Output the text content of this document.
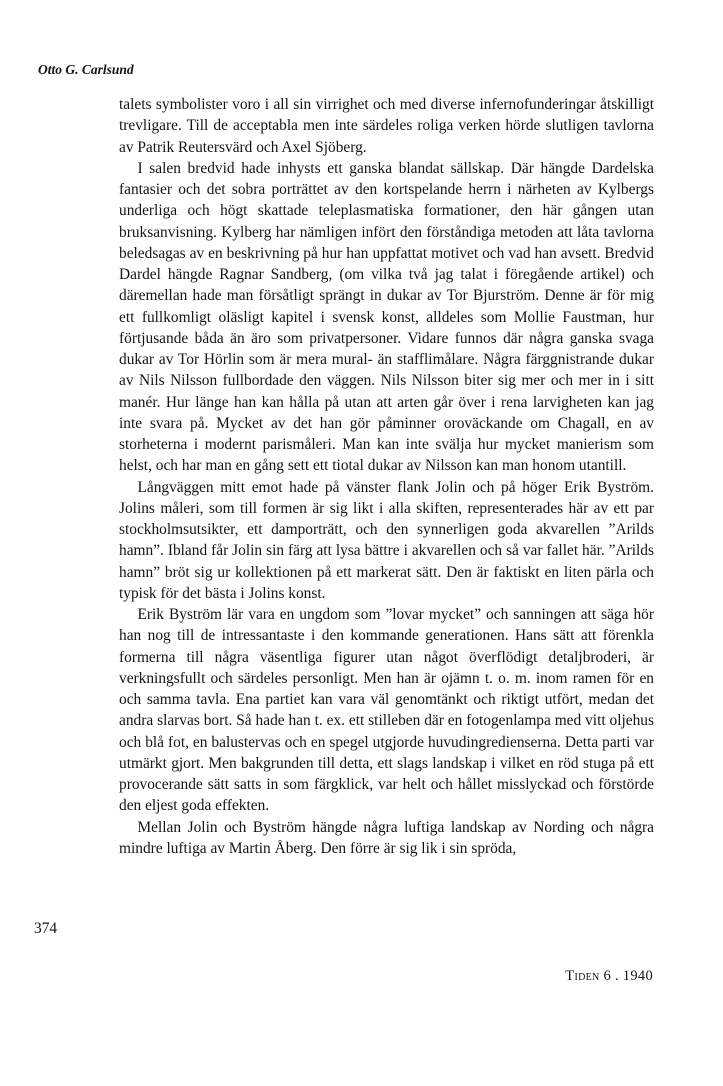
Otto G. Carlsund

talets symbolister voro i all sin virrighet och med diverse infernofunderingar åtskilligt trevligare. Till de acceptabla men inte särdeles roliga verken hörde slutligen tavlorna av Patrik Reutersvärd och Axel Sjöberg.

I salen bredvid hade inhysts ett ganska blandat sällskap. Där hängde Dardelska fantasier och det sobra porträttet av den kortspelande herrn i närheten av Kylbergs underliga och högt skattade teleplasmatiska formationer, den här gången utan bruksanvisning. Kylberg har nämligen infört den förståndiga metoden att låta tavlorna beledsagas av en beskrivning på hur han uppfattat motivet och vad han avsett. Bredvid Dardel hängde Ragnar Sandberg, (om vilka två jag talat i föregående artikel) och däremellan hade man försåtligt sprängt in dukar av Tor Bjurström. Denne är för mig ett fullkomligt oläsligt kapitel i svensk konst, alldeles som Mollie Faustman, hur förtjusande båda än äro som privatpersoner. Vidare funnos där några ganska svaga dukar av Tor Hörlin som är mera mural- än stafflimålare. Några färggnistrande dukar av Nils Nilsson fullbordade den väggen. Nils Nilsson biter sig mer och mer in i sitt manér. Hur länge han kan hålla på utan att arten går över i rena larvigheten kan jag inte svara på. Mycket av det han gör påminner oroväckande om Chagall, en av storheterna i modernt parismåleri. Man kan inte svälja hur mycket manierism som helst, och har man en gång sett ett tiotal dukar av Nilsson kan man honom utantill.

Långväggen mitt emot hade på vänster flank Jolin och på höger Erik Byström. Jolins måleri, som till formen är sig likt i alla skiften, representerades här av ett par stockholmsutsikter, ett damporträtt, och den synnerligen goda akvarellen ”Arilds hamn”. Ibland får Jolin sin färg att lysa bättre i akvarellen och så var fallet här. ”Arilds hamn” bröt sig ur kollektionen på ett markerat sätt. Den är faktiskt en liten pärla och typisk för det bästa i Jolins konst.

Erik Byström lär vara en ungdom som ”lovar mycket” och sanningen att säga hör han nog till de intressantaste i den kommande generationen. Hans sätt att förenkla formerna till några väsentliga figurer utan något överflödigt detaljbroderi, är verkningsfullt och särdeles personligt. Men han är ojämn t. o. m. inom ramen för en och samma tavla. Ena partiet kan vara väl genomtänkt och riktigt utfört, medan det andra slarvas bort. Så hade han t. ex. ett stilleben där en fotogenlampa med vitt oljehus och blå fot, en balustervas och en spegel utgjorde huvudingredienserna. Detta parti var utmärkt gjort. Men bakgrunden till detta, ett slags landskap i vilket en röd stuga på ett provocerande sätt satts in som färgklick, var helt och hållet misslyckad och förstörde den eljest goda effekten.

Mellan Jolin och Byström hängde några luftiga landskap av Nording och några mindre luftiga av Martin Åberg. Den förre är sig lik i sin spröda,

374
Tiden 6 . 1940
